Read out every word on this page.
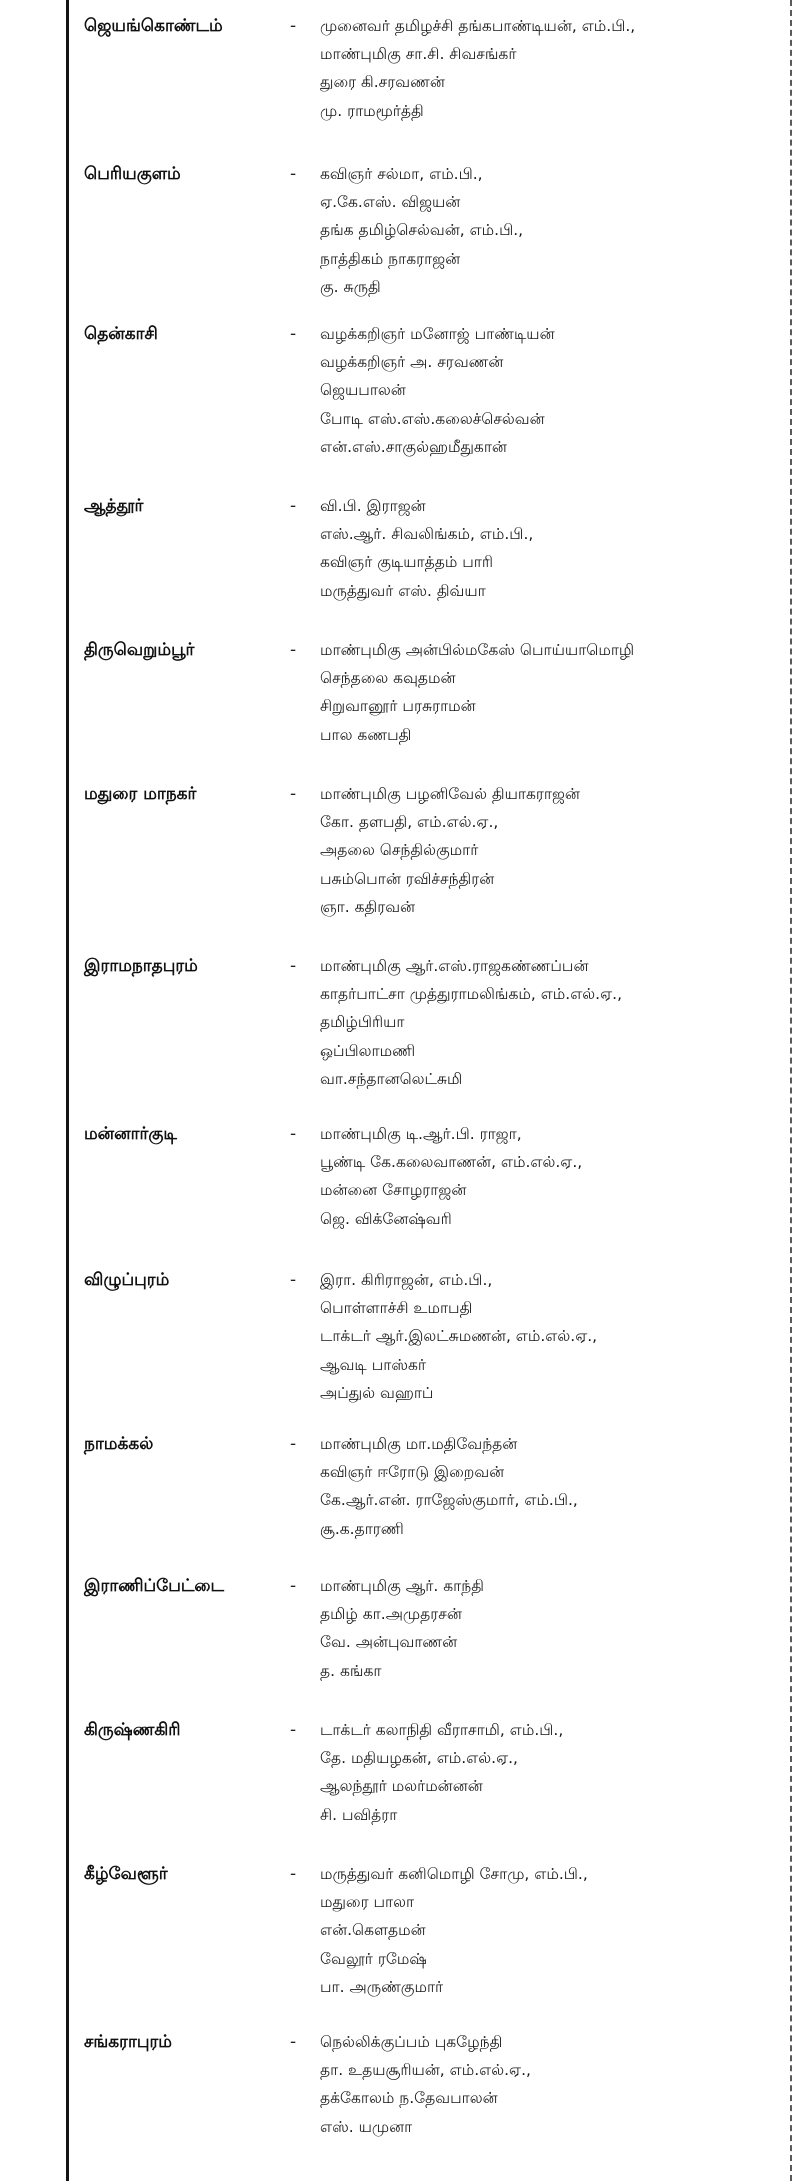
ஜெயங்கொண்டம்	- முனைவர் தமிழச்சி தங்கபாண்டியன், எம்.பி.,
மாண்புமிகு சா.சி. சிவசங்கர்
துரை கி.சரவணன்
மு. ராமமூர்த்தி
பெரியகுளம்	- கவிஞர் சல்மா, எம்.பி.,
ஏ.கே.எஸ். விஜயன்
தங்க தமிழ்செல்வன், எம்.பி.,
நாத்திகம் நாகராஜன்
கு. சுருதி
தென்காசி	- வழக்கறிஞர் மனோஜ் பாண்டியன்
வழக்கறிஞர் அ. சரவணன்
ஜெயபாலன்
போடி எஸ்.எஸ்.கலைச்செல்வன்
என்.எஸ்.சாகுல்ஹமீதுகான்
ஆத்தூர்	- வி.பி. இராஜன்
எஸ்.ஆர். சிவலிங்கம், எம்.பி.,
கவிஞர் குடியாத்தம் பாரி
மருத்துவர் எஸ். திவ்யா
திருவெறும்பூர்	- மாண்புமிகு அன்பில்மகேஸ் பொய்யாமொழி
செந்தலை கவுதமன்
சிறுவானூர் பரசுராமன்
பால கணபதி
மதுரை மாநகர்	- மாண்புமிகு பழனிவேல் தியாகராஜன்
கோ. தளபதி, எம்.எல்.ஏ.,
அதலை செந்தில்குமார்
பசும்பொன் ரவிச்சந்திரன்
ஞா. கதிரவன்
இராமநாதபுரம்	- மாண்புமிகு ஆர்.எஸ்.ராஜகண்ணப்பன்
காதர்பாட்சா முத்துராமலிங்கம், எம்.எல்.ஏ.,
தமிழ்பிரியா
ஒப்பிலாமணி
வா.சந்தானலெட்சுமி
மன்னார்குடி	- மாண்புமிகு டி.ஆர்.பி. ராஜா,
பூண்டி கே.கலைவாணன், எம்.எல்.ஏ.,
மன்னை சோழராஜன்
ஜெ. விக்னேஷ்வரி
விழுப்புரம்	- இரா. கிரிராஜன், எம்.பி.,
பொள்ளாச்சி உமாபதி
டாக்டர் ஆர்.இலட்சுமணன், எம்.எல்.ஏ.,
ஆவடி பாஸ்கர்
அப்துல் வஹாப்
நாமக்கல்	- மாண்புமிகு மா.மதிவேந்தன்
கவிஞர் ஈரோடு இறைவன்
கே.ஆர்.என். ராஜேஸ்குமார், எம்.பி.,
சூ.க.தாரணி
இராணிப்பேட்டை	- மாண்புமிகு ஆர். காந்தி
தமிழ் கா.அமுதரசன்
வே. அன்புவாணன்
த. கங்கா
கிருஷ்ணகிரி	- டாக்டர் கலாநிதி வீராசாமி, எம்.பி.,
தே. மதியழகன், எம்.எல்.ஏ.,
ஆலந்தூர் மலர்மன்னன்
சி. பவித்ரா
கீழ்வேளூர்	- மருத்துவர் கனிமொழி சோமு, எம்.பி.,
மதுரை பாலா
என்.கௌதமன்
வேலூர் ரமேஷ்
பா. அருண்குமார்
சங்கராபுரம்	- நெல்லிக்குப்பம் புகழேந்தி
தா. உதயசூரியன், எம்.எல்.ஏ.,
தக்கோலம் ந.தேவபாலன்
எஸ். யமுனா
